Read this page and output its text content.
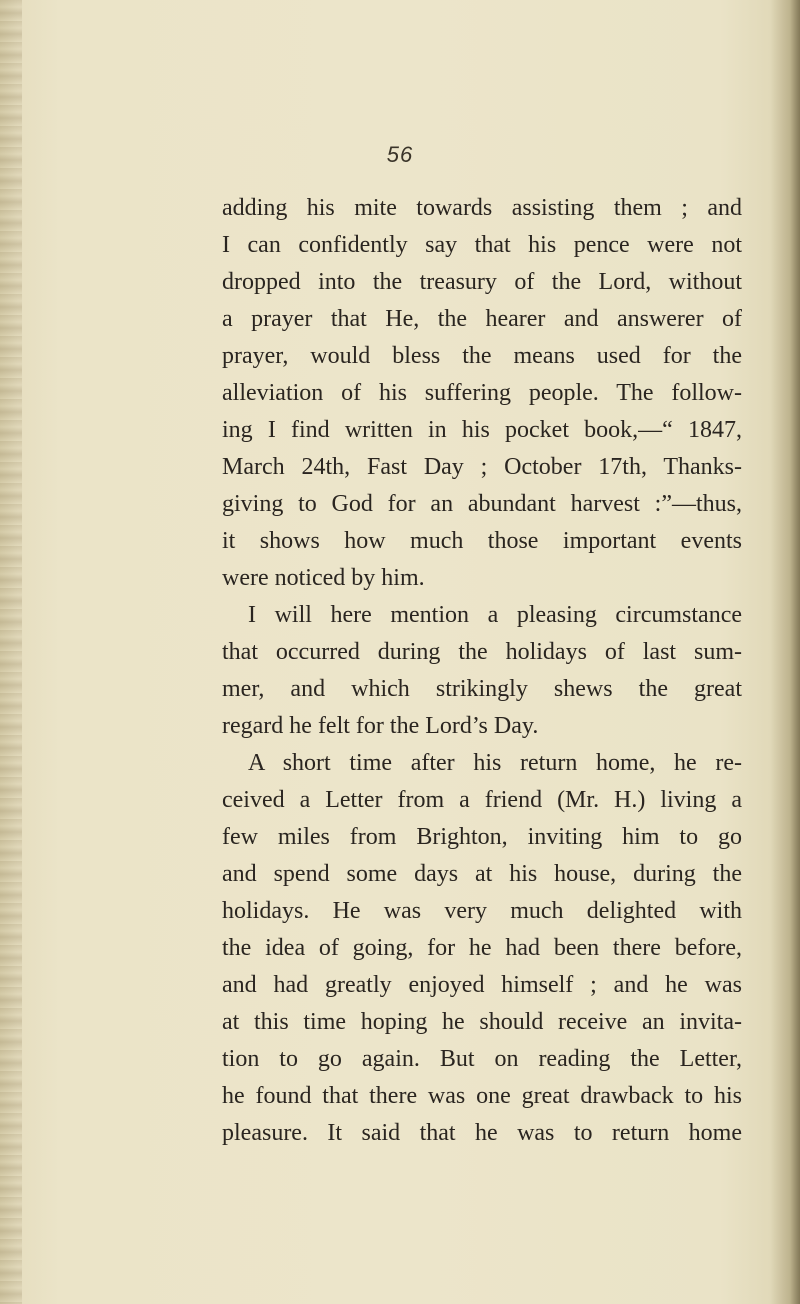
56
adding his mite towards assisting them ; and
I can confidently say that his pence were not
dropped into the treasury of the Lord, without
a prayer that He, the hearer and answerer of
prayer, would bless the means used for the
alleviation of his suffering people. The follow-
ing I find written in his pocket book,—“ 1847,
March 24th, Fast Day ; October 17th, Thanks-
giving to God for an abundant harvest :”—thus,
it shows how much those important events
were noticed by him.
I will here mention a pleasing circumstance
that occurred during the holidays of last sum-
mer, and which strikingly shews the great
regard he felt for the Lord’s Day.
A short time after his return home, he re-
ceived a Letter from a friend (Mr. H.) living a
few miles from Brighton, inviting him to go
and spend some days at his house, during the
holidays. He was very much delighted with
the idea of going, for he had been there before,
and had greatly enjoyed himself ; and he was
at this time hoping he should receive an invita-
tion to go again. But on reading the Letter,
he found that there was one great drawback to his
pleasure. It said that he was to return home
